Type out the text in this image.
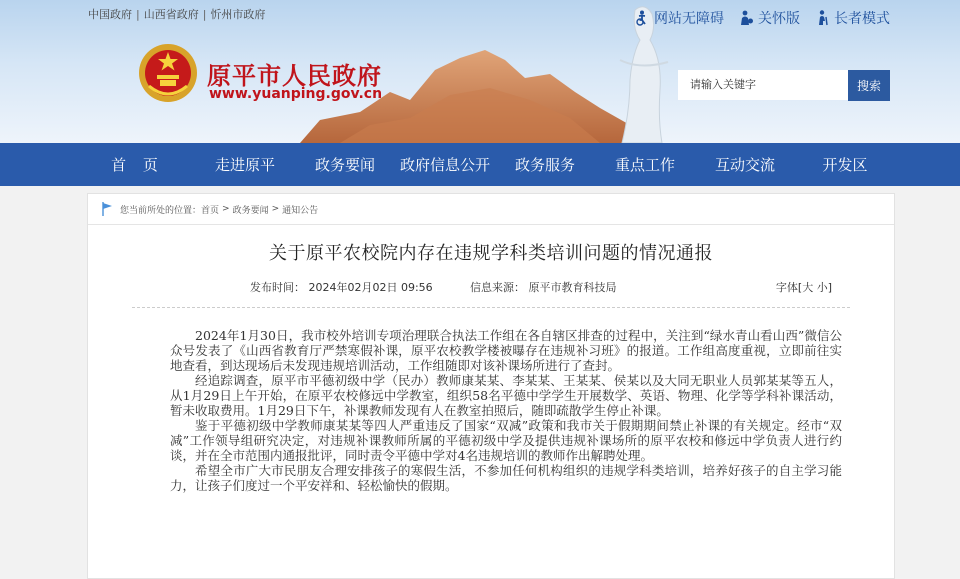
中国政府 | 山西省政府 | 忻州市政府	网站无障碍 关怀版 长者模式
原平市人民政府
www.yuanping.gov.cn
请输入关键字	搜索
首 页	走进原平	政务要闻	政府信息公开	政务服务	重点工作	互动交流	开发区
您当前所处的位置： 首页 > 政务要闻 > 通知公告
关于原平农校院内存在违规学科类培训问题的情况通报
发布时间： 2024年02月02日 09:56	信息来源： 原平市教育科技局	字体[大 小]

2024年1月30日，我市校外培训专项治理联合执法工作组在各自辖区排查的过程中，关注到“绿水青山看山西”微信公众号发表了《山西省教育厅严禁寒假补课，原平农校教学楼被曝存在违规补习班》的报道。工作组高度重视，立即前往实地查看，到达现场后未发现违规培训活动，工作组随即对该补课场所进行了查封。

经追踪调查，原平市平德初级中学（民办）教师康某某、李某某、王某某、侯某以及大同无职业人员郭某某等五人，从1月29日上午开始，在原平农校修远中学教室，组织58名平德中学学生开展数学、英语、物理、化学等学科补课活动，暂未收取费用。1月29日下午，补课教师发现有人在教室拍照后，随即疏散学生停止补课。

鉴于平德初级中学教师康某某等四人严重违反了国家“双减”政策和我市关于假期期间禁止补课的有关规定。经市“双减”工作领导组研究决定，对违规补课教师所属的平德初级中学及提供违规补课场所的原平农校和修远中学负责人进行约谈，并在全市范围内通报批评，同时责令平德中学对4名违规培训的教师作出解聘处理。

希望全市广大市民朋友合理安排孩子的寒假生活，不参加任何机构组织的违规学科类培训，培养好孩子的自主学习能力，让孩子们度过一个平安祥和、轻松愉快的假期。
